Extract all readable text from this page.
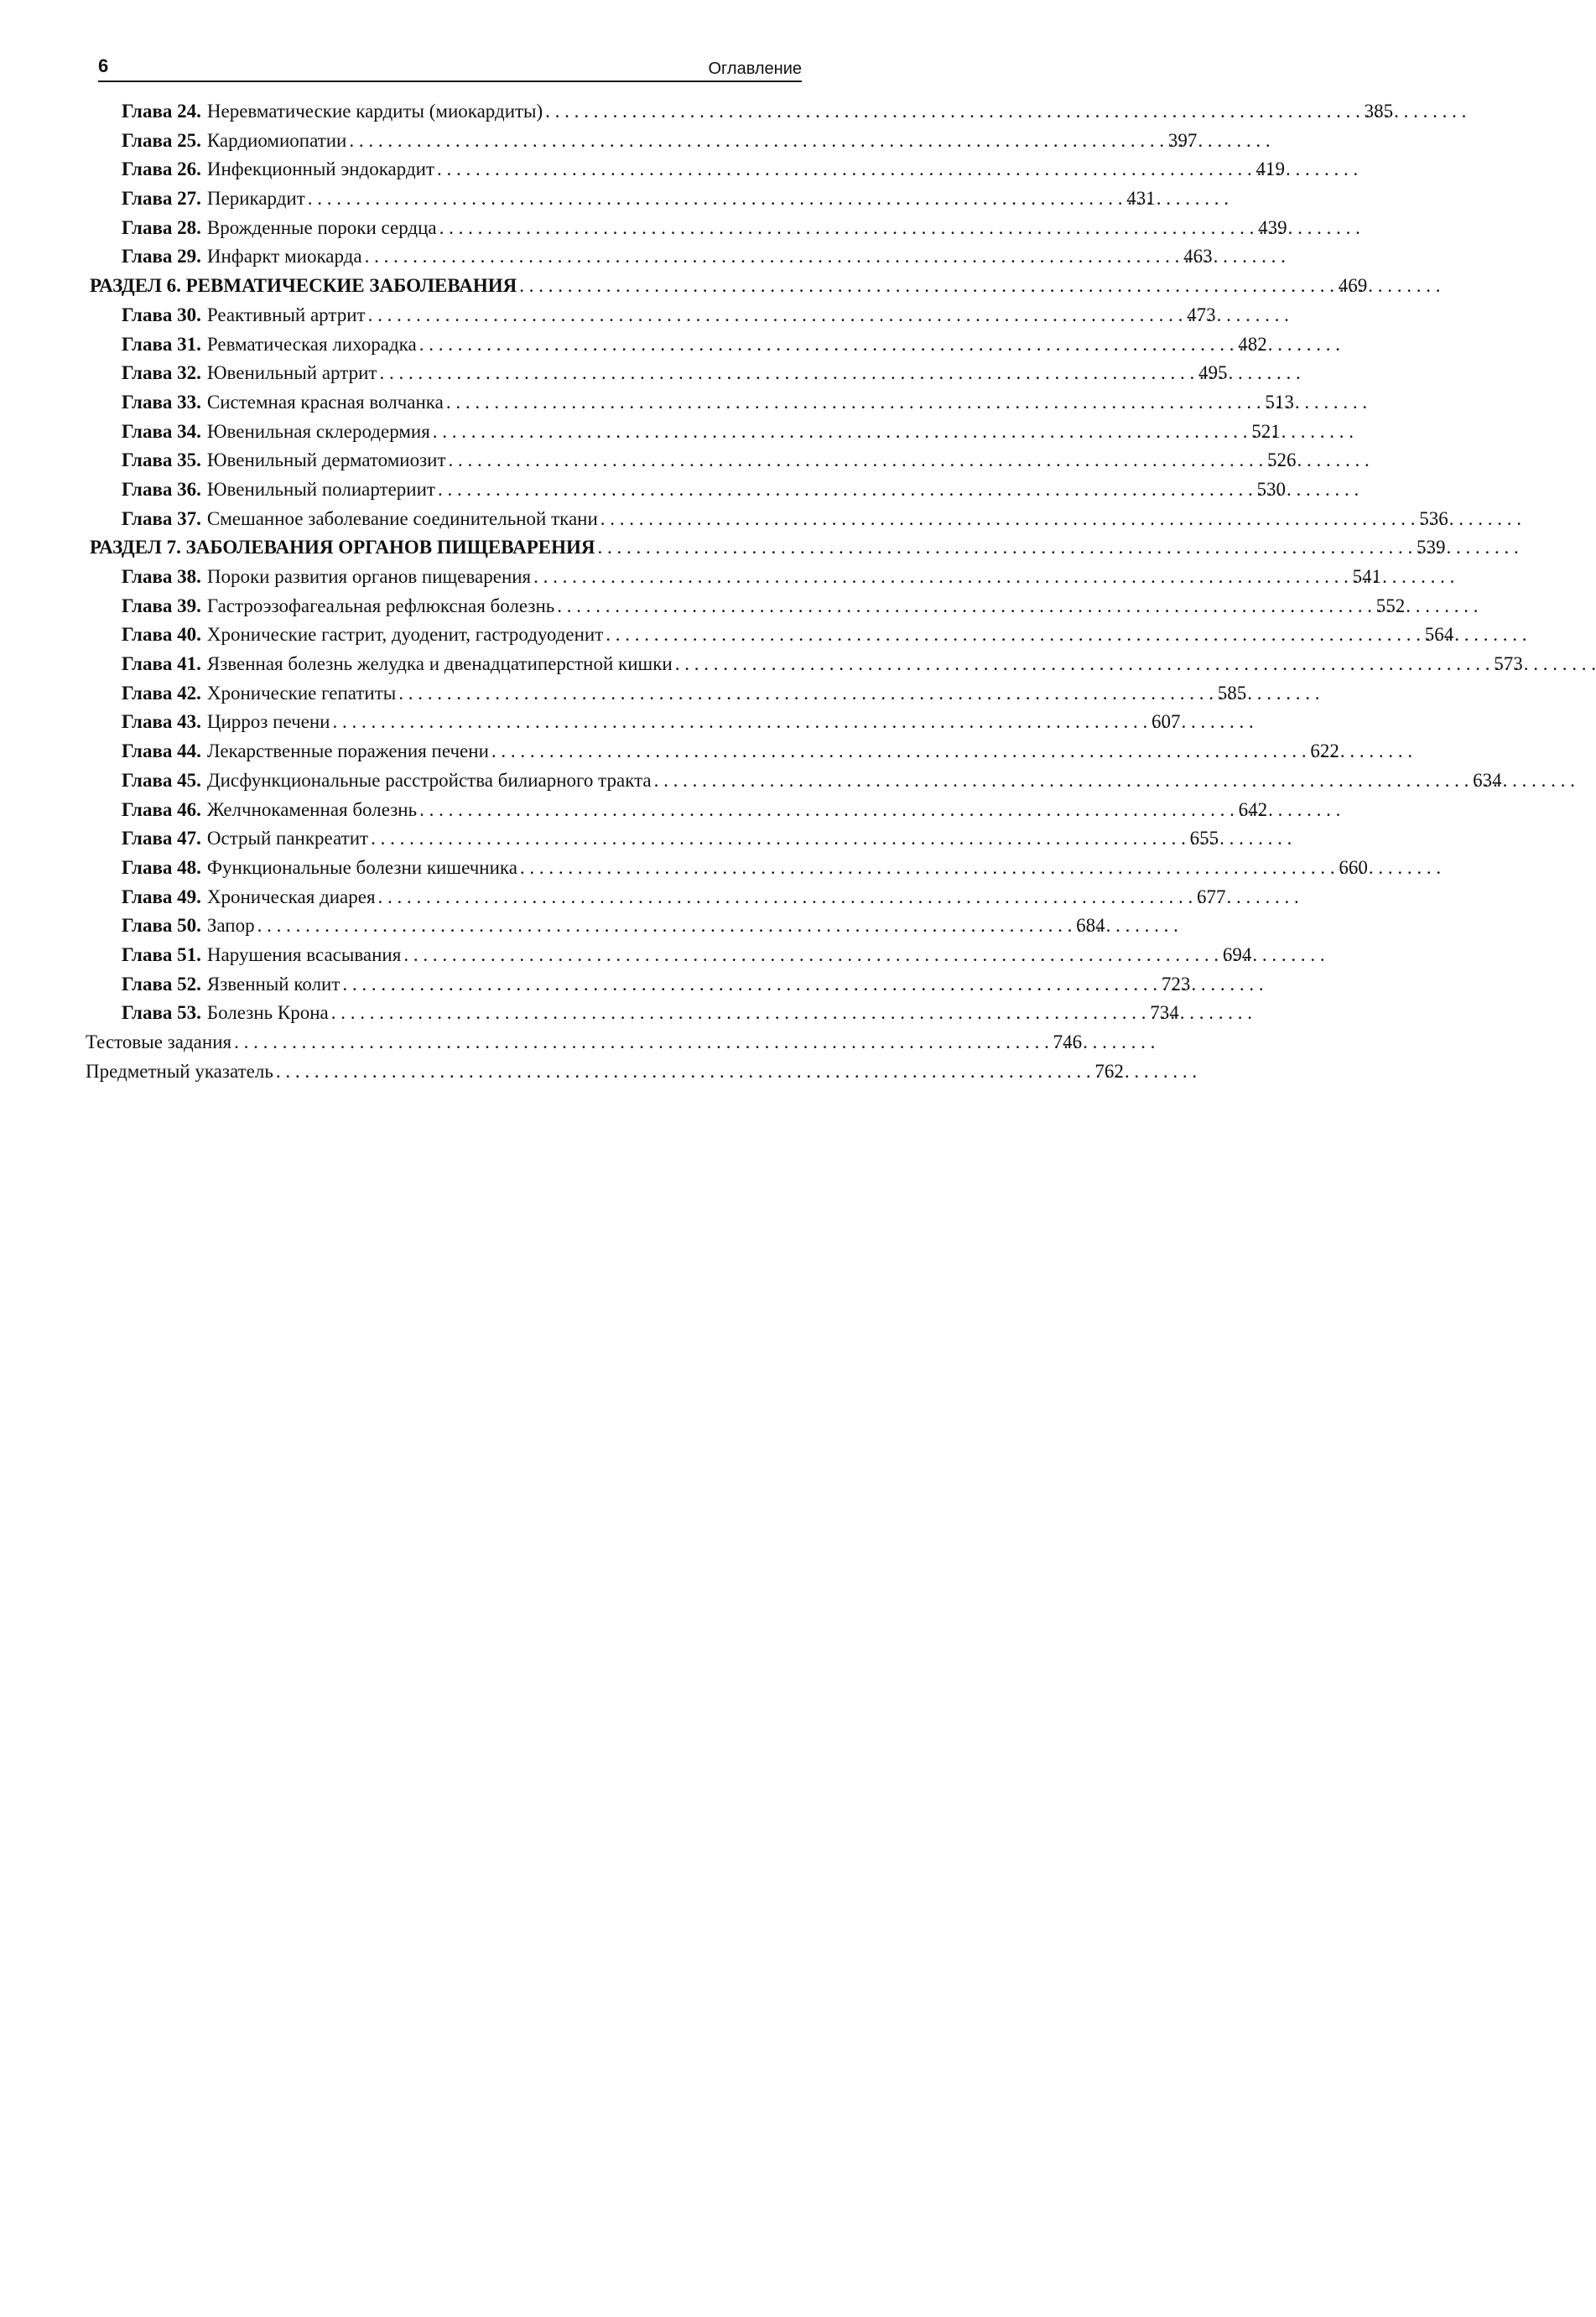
6	Оглавление
Глава 24. Неревматические кардиты (миокардиты) . . .	385
Глава 25. Кардиомиопатии . . .	397
Глава 26. Инфекционный эндокардит . . .	419
Глава 27. Перикардит . . .	431
Глава 28. Врожденные пороки сердца . . .	439
Глава 29. Инфаркт миокарда . . .	463
РАЗДЕЛ 6. РЕВМАТИЧЕСКИЕ ЗАБОЛЕВАНИЯ . . .	469
Глава 30. Реактивный артрит . . .	473
Глава 31. Ревматическая лихорадка . . .	482
Глава 32. Ювенильный артрит . . .	495
Глава 33. Системная красная волчанка . . .	513
Глава 34. Ювенильная склеродермия . . .	521
Глава 35. Ювенильный дерматомиозит . . .	526
Глава 36. Ювенильный полиартериит . . .	530
Глава 37. Смешанное заболевание соединительной ткани . . .	536
РАЗДЕЛ 7. ЗАБОЛЕВАНИЯ ОРГАНОВ ПИЩЕВАРЕНИЯ . . .	539
Глава 38. Пороки развития органов пищеварения . . .	541
Глава 39. Гастроэзофагеальная рефлюксная болезнь . . .	552
Глава 40. Хронические гастрит, дуоденит, гастродуоденит . . .	564
Глава 41. Язвенная болезнь желудка и двенадцатиперстной кишки . . .	573
Глава 42. Хронические гепатиты . . .	585
Глава 43. Цирроз печени . . .	607
Глава 44. Лекарственные поражения печени . . .	622
Глава 45. Дисфункциональные расстройства билиарного тракта . . .	634
Глава 46. Желчнокаменная болезнь . . .	642
Глава 47. Острый панкреатит . . .	655
Глава 48. Функциональные болезни кишечника . . .	660
Глава 49. Хроническая диарея . . .	677
Глава 50. Запор . . .	684
Глава 51. Нарушения всасывания . . .	694
Глава 52. Язвенный колит . . .	723
Глава 53. Болезнь Крона . . .	734
Тестовые задания . . .	746
Предметный указатель . . .	762
